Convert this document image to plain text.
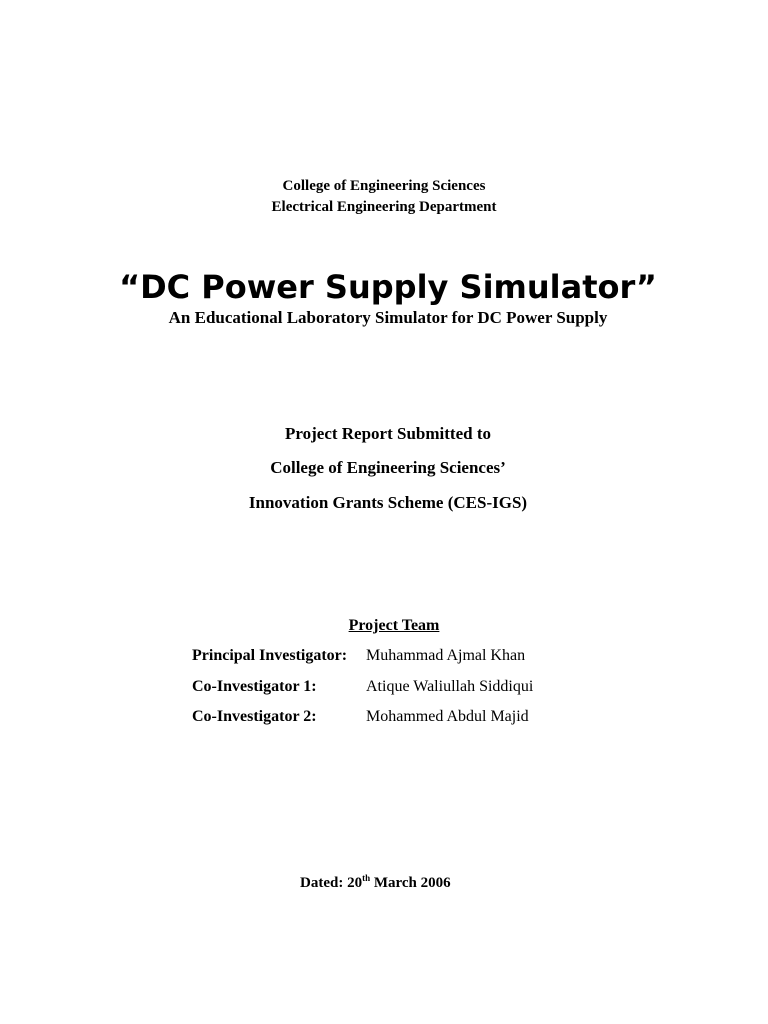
College of Engineering Sciences
Electrical Engineering Department
“DC Power Supply Simulator”
An Educational Laboratory Simulator for DC Power Supply
Project Report Submitted to
College of Engineering Sciences’
Innovation Grants Scheme (CES-IGS)
Project Team
Principal Investigator: Muhammad Ajmal Khan
Co-Investigator 1:	Atique Waliullah Siddiqui
Co-Investigator 2:	Mohammed Abdul Majid
Dated: 20th March 2006
